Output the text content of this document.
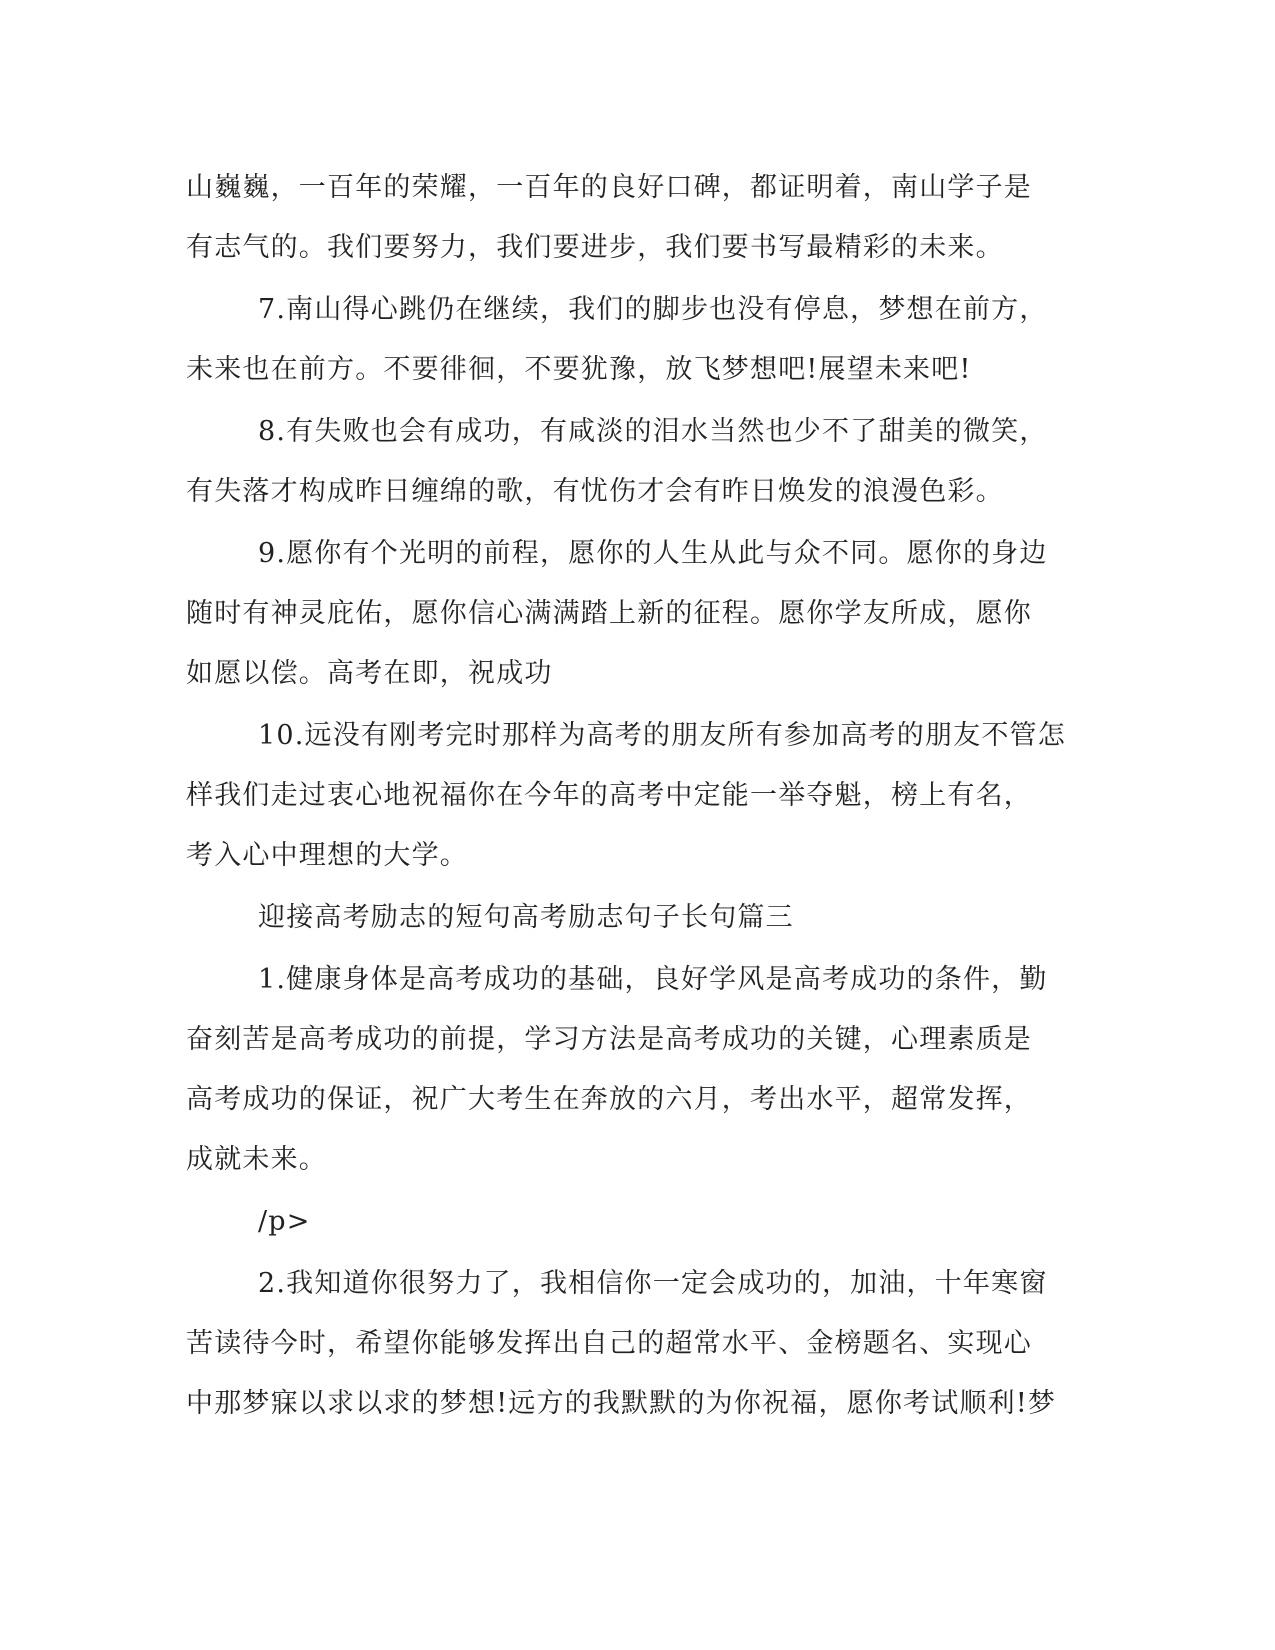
山巍巍，一百年的荣耀，一百年的良好口碑，都证明着，南山学子是
有志气的。我们要努力，我们要进步，我们要书写最精彩的未来。
7.南山得心跳仍在继续，我们的脚步也没有停息，梦想在前方，
未来也在前方。不要徘徊，不要犹豫，放飞梦想吧!展望未来吧!
8.有失败也会有成功，有咸淡的泪水当然也少不了甜美的微笑，
有失落才构成昨日缠绵的歌，有忧伤才会有昨日焕发的浪漫色彩。
9.愿你有个光明的前程，愿你的人生从此与众不同。愿你的身边
随时有神灵庇佑，愿你信心满满踏上新的征程。愿你学友所成，愿你
如愿以偿。高考在即，祝成功
10.远没有刚考完时那样为高考的朋友所有参加高考的朋友不管怎
样我们走过衷心地祝福你在今年的高考中定能一举夺魁，榜上有名，
考入心中理想的大学。
迎接高考励志的短句高考励志句子长句篇三
1.健康身体是高考成功的基础，良好学风是高考成功的条件，勤
奋刻苦是高考成功的前提，学习方法是高考成功的关键，心理素质是
高考成功的保证，祝广大考生在奔放的六月，考出水平，超常发挥，
成就未来。
/p>
2.我知道你很努力了，我相信你一定会成功的，加油，十年寒窗
苦读待今时，希望你能够发挥出自己的超常水平、金榜题名、实现心
中那梦寐以求以求的梦想!远方的我默默的为你祝福，愿你考试顺利!梦
